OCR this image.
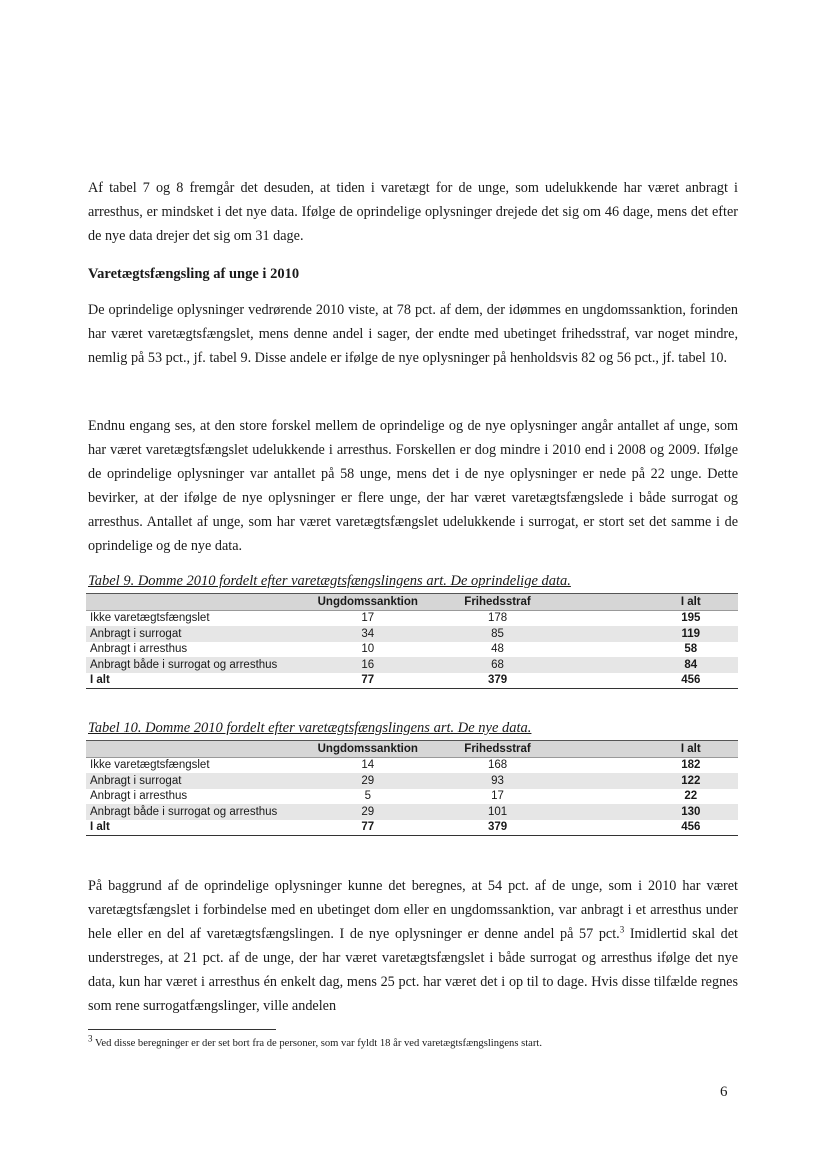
Af tabel 7 og 8 fremgår det desuden, at tiden i varetægt for de unge, som udelukkende har været anbragt i arresthus, er mindsket i det nye data. Ifølge de oprindelige oplysninger drejede det sig om 46 dage, mens det efter de nye data drejer det sig om 31 dage.

Varetægtsfængsling af unge i 2010

De oprindelige oplysninger vedrørende 2010 viste, at 78 pct. af dem, der idømmes en ungdomssanktion, forinden har været varetægtsfængslet, mens denne andel i sager, der endte med ubetinget frihedsstraf, var noget mindre, nemlig på 53 pct., jf. tabel 9. Disse andele er ifølge de nye oplysninger på henholdsvis 82 og 56 pct., jf. tabel 10.

Endnu engang ses, at den store forskel mellem de oprindelige og de nye oplysninger angår antallet af unge, som har været varetægtsfængslet udelukkende i arresthus. Forskellen er dog mindre i 2010 end i 2008 og 2009. Ifølge de oprindelige oplysninger var antallet på 58 unge, mens det i de nye oplysninger er nede på 22 unge. Dette bevirker, at der ifølge de nye oplysninger er flere unge, der har været varetægtsfængslede i både surrogat og arresthus. Antallet af unge, som har været varetægtsfængslet udelukkende i surrogat, er stort set det samme i de oprindelige og de nye data.

Tabel 9. Domme 2010 fordelt efter varetægtsfængslingens art. De oprindelige data.

	Ungdomssanktion	Frihedsstraf		I alt
Ikke varetægtsfængslet	17	178		195
Anbragt i surrogat	34	85		119
Anbragt i arresthus	10	48		58
Anbragt både i surrogat og arresthus	16	68		84
I alt	77	379		456

Tabel 10. Domme 2010 fordelt efter varetægtsfængslingens art. De nye data.

	Ungdomssanktion	Frihedsstraf		I alt
Ikke varetægtsfængslet	14	168		182
Anbragt i surrogat	29	93		122
Anbragt i arresthus	5	17		22
Anbragt både i surrogat og arresthus	29	101		130
I alt	77	379		456

På baggrund af de oprindelige oplysninger kunne det beregnes, at 54 pct. af de unge, som i 2010 har været varetægtsfængslet i forbindelse med en ubetinget dom eller en ungdomssanktion, var anbragt i et arresthus under hele eller en del af varetægtsfængslingen. I de nye oplysninger er denne andel på 57 pct.$^3$ Imidlertid skal det understreges, at 21 pct. af de unge, der har været varetægtsfængslet i både surrogat og arresthus ifølge det nye data, kun har været i arresthus én enkelt dag, mens 25 pct. har været det i op til to dage. Hvis disse tilfælde regnes som rene surrogatfængslinger, ville andelen

$^3$ Ved disse beregninger er der set bort fra de personer, som var fyldt 18 år ved varetægtsfængslingens start.

6
